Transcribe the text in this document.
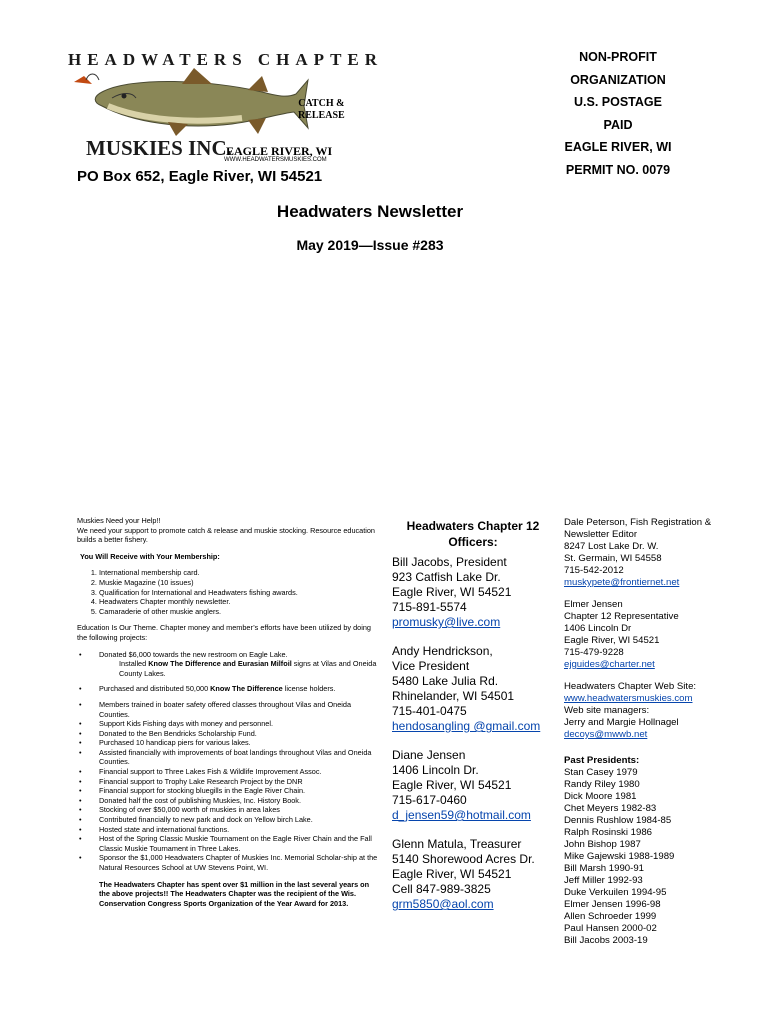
HEADWATERS CHAPTER
CATCH &
RELEASE
MUSKIES INC.
EAGLE RIVER, WI
WWW.HEADWATERSMUSKIES.COM
NON-PROFIT
ORGANIZATION
U.S. POSTAGE
PAID
EAGLE RIVER, WI
PERMIT NO. 0079
PO Box 652, Eagle River, WI 54521
Headwaters Newsletter
May 2019—Issue #283

Muskies Need your Help!!

We need your support to promote catch & release and muskie stocking. Resource education builds a better fishery.

You Will Receive with Your Membership:

1. International membership card.
2. Muskie Magazine (10 issues)
3. Qualification for International and Headwaters fishing awards.
4. Headwaters Chapter monthly newsletter.
5. Camaraderie of other muskie anglers.

Education Is Our Theme. Chapter money and member’s efforts have been utilized by doing the following projects:

• Donated $6,000 towards the new restroom on Eagle Lake.
Installed Know The Difference and Eurasian Milfoil signs at Vilas and Oneida County Lakes.
• Purchased and distributed 50,000 Know The Difference license holders.
• Members trained in boater safety offered classes throughout Vilas and Oneida Counties.
• Support Kids Fishing days with money and personnel.
• Donated to the Ben Bendricks Scholarship Fund.
• Purchased 10 handicap piers for various lakes.
• Assisted financially with improvements of boat landings throughout Vilas and Oneida Counties.
• Financial support to Three Lakes Fish & Wildlife Improvement Assoc.
• Financial support to Trophy Lake Research Project by the DNR
• Financial support for stocking bluegills in the Eagle River Chain.
• Donated half the cost of publishing Muskies, Inc. History Book.
• Stocking of over $50,000 worth of muskies in area lakes
• Contributed financially to new park and dock on Yellow birch Lake.
• Hosted state and international functions.
• Host of the Spring Classic Muskie Tournament on the Eagle River Chain and the Fall Classic Muskie Tournament in Three Lakes.
• Sponsor the $1,000 Headwaters Chapter of Muskies Inc. Memorial Scholar-ship at the Natural Resources School at UW Stevens Point, WI.

The Headwaters Chapter has spent over $1 million in the last several years on the above projects!! The Headwaters Chapter was the recipient of the Wis. Conservation Congress Sports Organization of the Year Award for 2013.

Headwaters Chapter 12
Officers:
Bill Jacobs, President
923 Catfish Lake Dr.
Eagle River, WI 54521
715-891-5574
promusky@live.com
Andy Hendrickson,
Vice President
5480 Lake Julia Rd.
Rhinelander, WI 54501
715-401-0475
hendosangling @gmail.com
Diane Jensen
1406 Lincoln Dr.
Eagle River, WI 54521
715-617-0460
d_jensen59@hotmail.com
Glenn Matula, Treasurer
5140 Shorewood Acres Dr.
Eagle River, WI 54521
Cell 847-989-3825
grm5850@aol.com
Dale Peterson, Fish Registration & Newsletter Editor
8247 Lost Lake Dr. W.
St. Germain, WI 54558
715-542-2012
muskypete@frontiernet.net
Elmer Jensen
Chapter 12 Representative
1406 Lincoln Dr
Eagle River, WI 54521
715-479-9228
ejguides@charter.net
Headwaters Chapter Web Site:
www.headwatersmuskies.com
Web site managers:
Jerry and Margie Hollnagel
decoys@mwwb.net
Past Presidents:
Stan Casey 1979
Randy Riley 1980
Dick Moore 1981
Chet Meyers 1982-83
Dennis Rushlow 1984-85
Ralph Rosinski 1986
John Bishop 1987
Mike Gajewski 1988-1989
Bill Marsh 1990-91
Jeff Miller 1992-93
Duke Verkuilen 1994-95
Elmer Jensen 1996-98
Allen Schroeder 1999
Paul Hansen 2000-02
Bill Jacobs 2003-19
